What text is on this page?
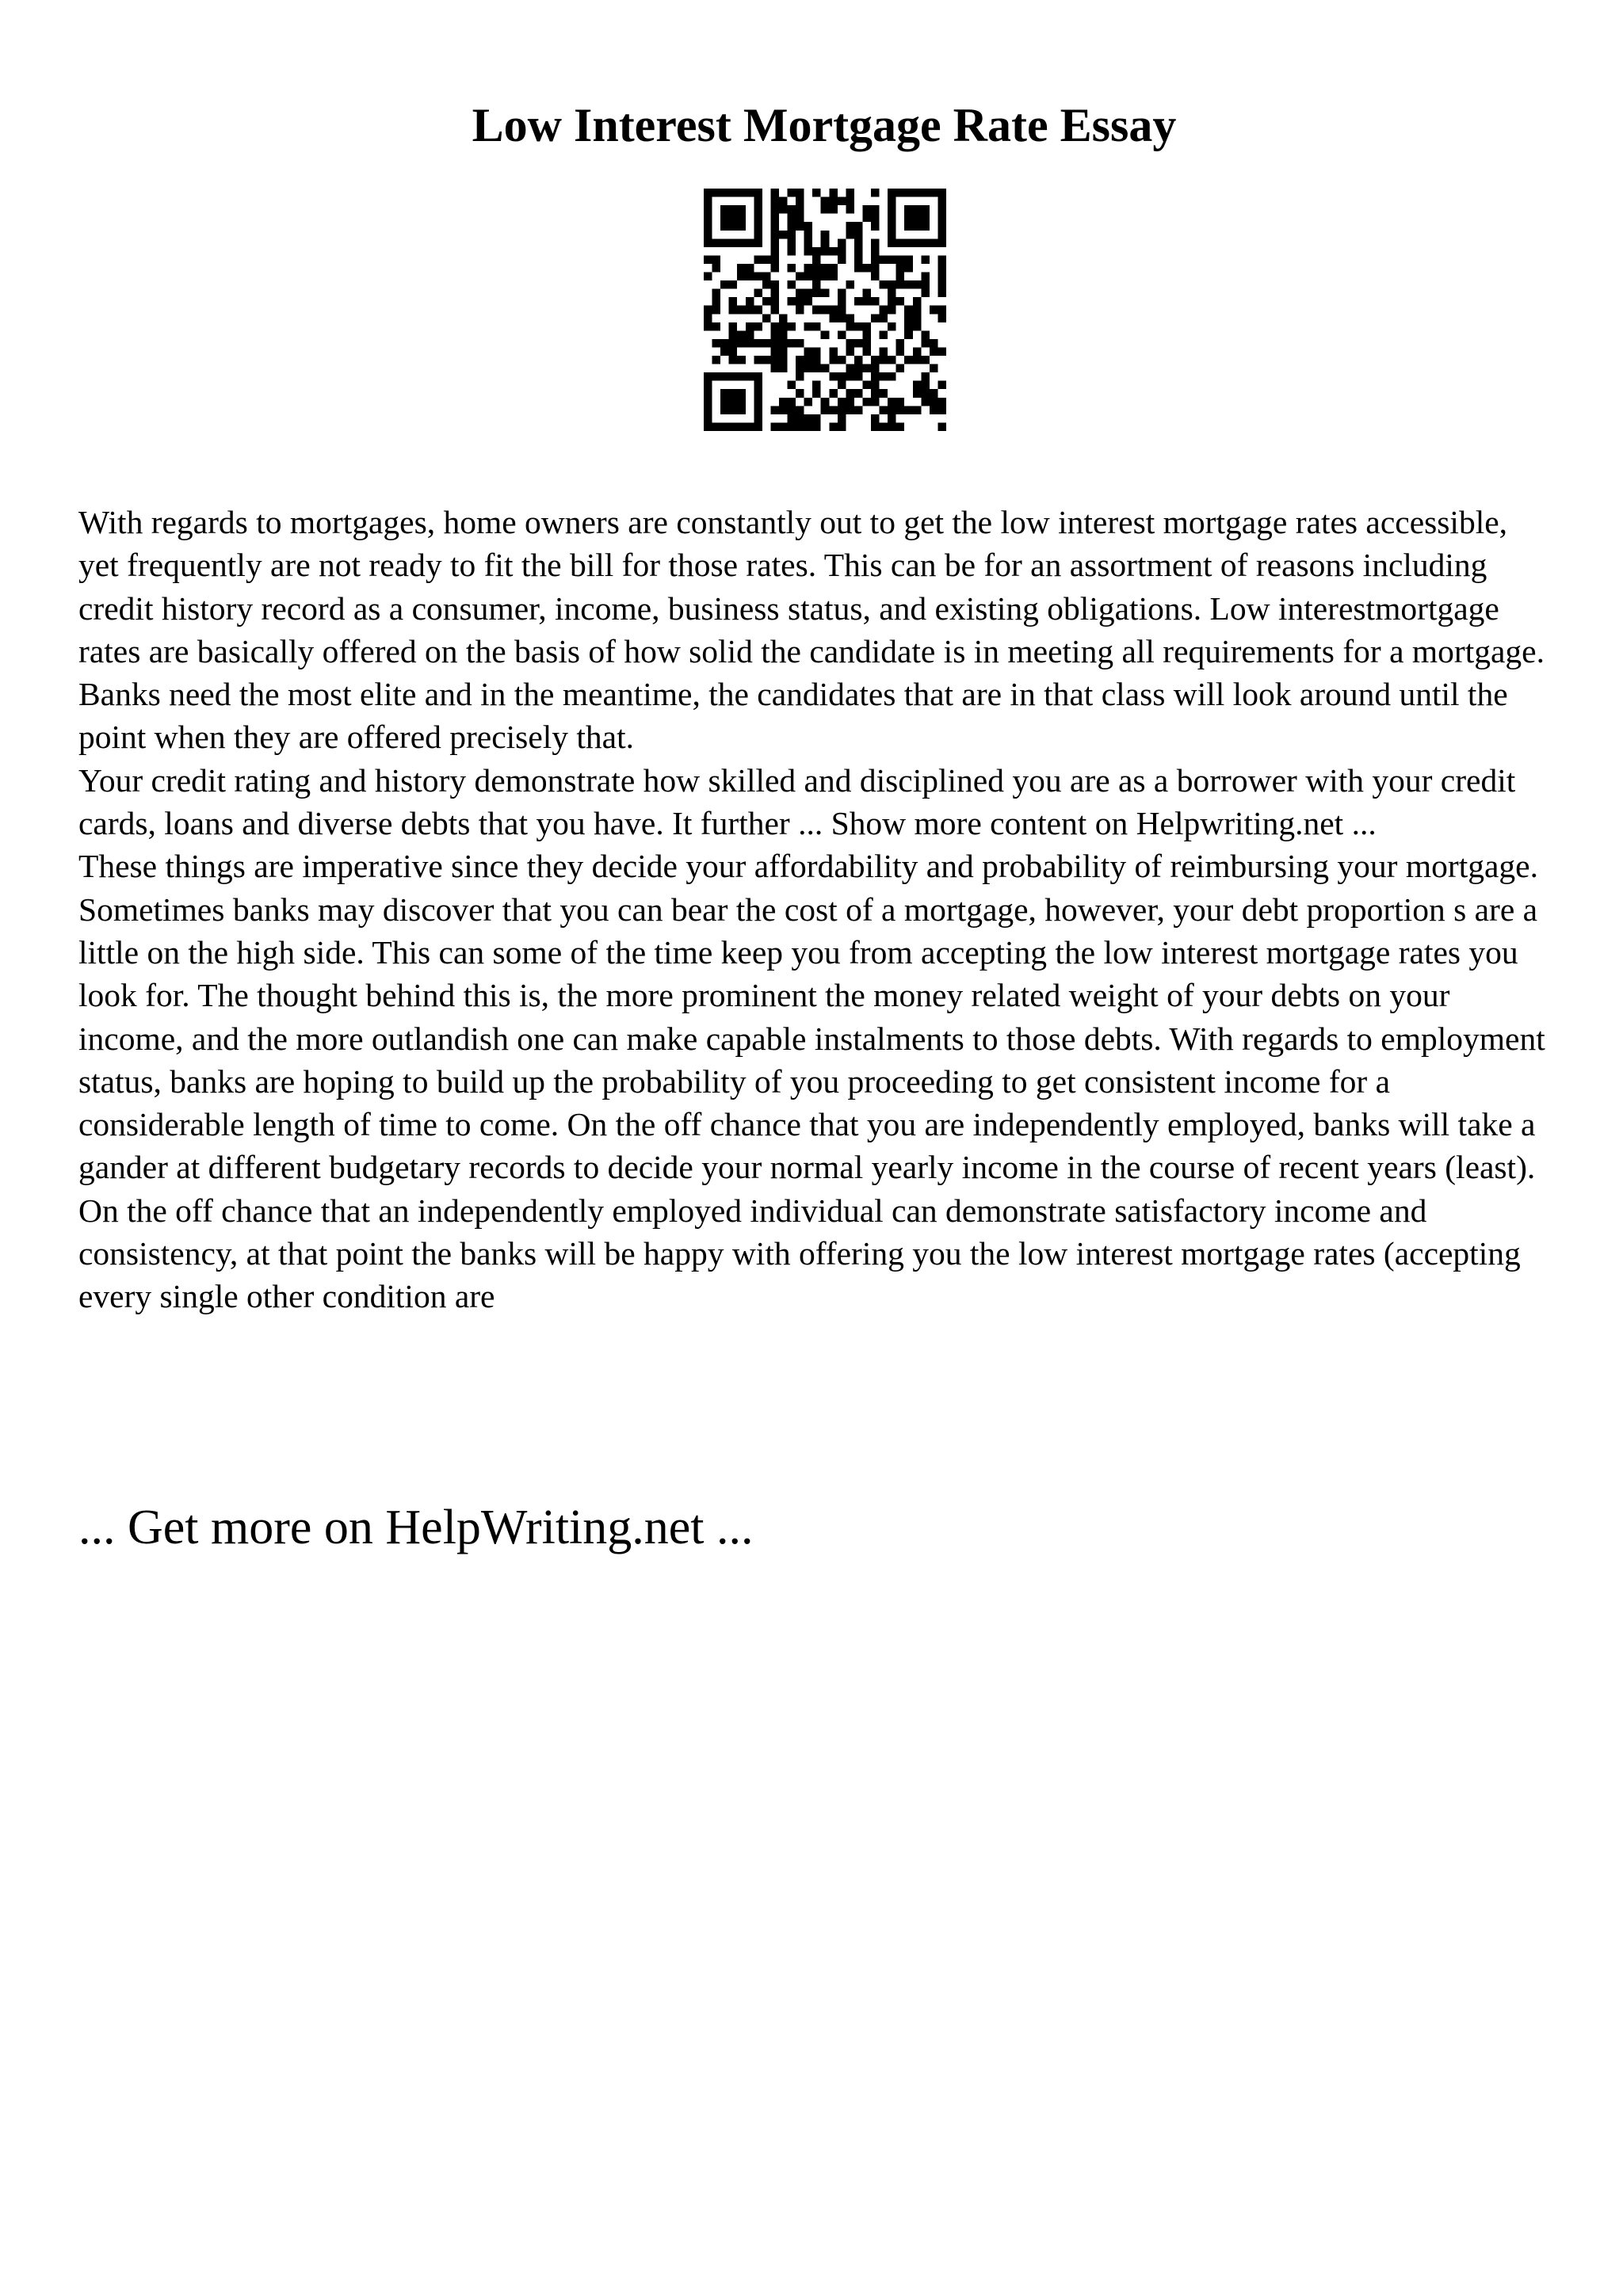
Low Interest Mortgage Rate Essay

With regards to mortgages, home owners are constantly out to get the low interest mortgage rates accessible, yet frequently are not ready to fit the bill for those rates. This can be for an assortment of reasons including credit history record as a consumer, income, business status, and existing obligations. Low interestmortgage rates are basically offered on the basis of how solid the candidate is in meeting all requirements for a mortgage. Banks need the most elite and in the meantime, the candidates that are in that class will look around until the point when they are offered precisely that.

Your credit rating and history demonstrate how skilled and disciplined you are as a borrower with your credit cards, loans and diverse debts that you have. It further ... Show more content on Helpwriting.net ...

These things are imperative since they decide your affordability and probability of reimbursing your mortgage. Sometimes banks may discover that you can bear the cost of a mortgage, however, your debt proportion s are a little on the high side. This can some of the time keep you from accepting the low interest mortgage rates you look for. The thought behind this is, the more prominent the money related weight of your debts on your income, and the more outlandish one can make capable instalments to those debts. With regards to employment status, banks are hoping to build up the probability of you proceeding to get consistent income for a considerable length of time to come. On the off chance that you are independently employed, banks will take a gander at different budgetary records to decide your normal yearly income in the course of recent years (least). On the off chance that an independently employed individual can demonstrate satisfactory income and consistency, at that point the banks will be happy with offering you the low interest mortgage rates (accepting every single other condition are

... Get more on HelpWriting.net ...
